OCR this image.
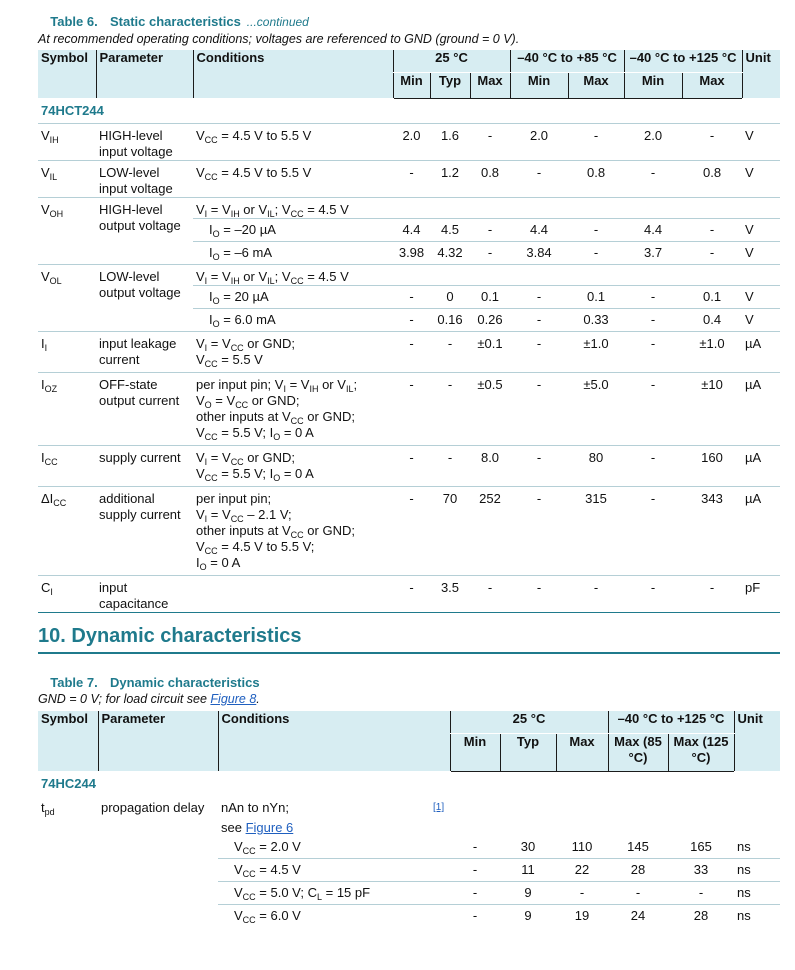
Table 6. Static characteristics ...continued
At recommended operating conditions; voltages are referenced to GND (ground = 0 V).
Symbol	Parameter	Conditions	25 °C			–40 °C to +85 °C		–40 °C to +125 °C		Unit
			Min	Typ	Max	Min	Max	Min	Max	
74HCT244										
$V_{IH}$	HIGH-level input voltage	$V_{CC} = 4.5$ V to 5.5 V	2.0	1.6	-	2.0	-	2.0	-	V
$V_{IL}$	LOW-level input voltage	$V_{CC} = 4.5$ V to 5.5 V	-	1.2	0.8	-	0.8	-	0.8	V
$V_{OH}$	HIGH-level output voltage	$V_I = V_{IH}$ or $V_{IL}$; $V_{CC} = 4.5$ V								
		$I_O = -20$ µA	4.4	4.5	-	4.4	-	4.4	-	V
		$I_O = -6$ mA	3.98	4.32	-	3.84	-	3.7	-	V
$V_{OL}$	LOW-level output voltage	$V_I = V_{IH}$ or $V_{IL}$; $V_{CC} = 4.5$ V								
		$I_O = 20$ µA	-	0	0.1	-	0.1	-	0.1	V
		$I_O = 6.0$ mA	-	0.16	0.26	-	0.33	-	0.4	V
$I_I$	input leakage current	$V_I = V_{CC}$ or GND;
$V_{CC} = 5.5$ V	-	-	±0.1	-	±1.0	-	±1.0	µA
$I_{OZ}$	OFF-state output current	per input pin; $V_I = V_{IH}$ or $V_{IL}$;
$V_O = V_{CC}$ or GND;
other inputs at $V_{CC}$ or GND;
$V_{CC} = 5.5$ V; $I_O = 0$ A	-	-	±0.5	-	±5.0	-	±10	µA
$I_{CC}$	supply current	$V_I = V_{CC}$ or GND;
$V_{CC} = 5.5$ V; $I_O = 0$ A	-	-	8.0	-	80	-	160	µA
$\Delta I_{CC}$	additional supply current	per input pin;
$V_I = V_{CC} - 2.1$ V;
other inputs at $V_{CC}$ or GND;
$V_{CC} = 4.5$ V to 5.5 V;
$I_O = 0$ A	-	70	252	-	315	-	343	µA
$C_I$	input capacitance		-	3.5	-	-	-	-	-	pF
10. Dynamic characteristics
Table 7. Dynamic characteristics
GND = 0 V; for load circuit see Figure 8.
Symbol	Parameter	Conditions	25 °C			–40 °C to +125 °C		Unit
			Min	Typ	Max	Max (85 °C)	Max (125 °C)	
74HC244								
$t_{pd}$	propagation delay	nAn to nYn; [1]						

		see Figure 6						
		$V_{CC} = 2.0$ V	-	30	110	145	165	ns
		$V_{CC} = 4.5$ V	-	11	22	28	33	ns
		$V_{CC} = 5.0$ V; $C_L = 15$ pF	-	9	-	-	-	ns
		$V_{CC} = 6.0$ V	-	9	19	24	28	ns
